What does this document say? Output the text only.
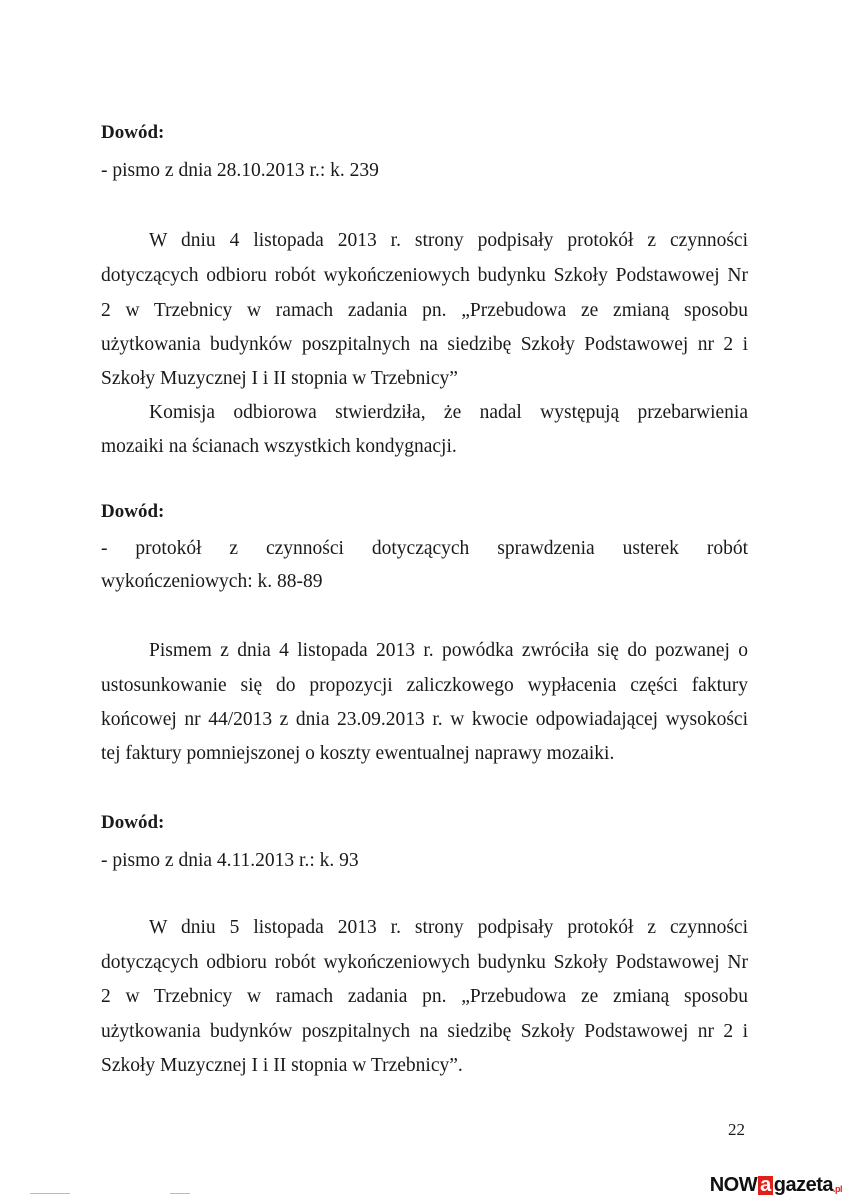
Dowód:

- pismo z dnia 28.10.2013 r.: k. 239

W dniu 4 listopada 2013 r. strony podpisały protokół z czynności

dotyczących odbioru robót wykończeniowych budynku Szkoły Podstawowej Nr

2 w Trzebnicy w ramach zadania pn. „Przebudowa ze zmianą sposobu

użytkowania budynków poszpitalnych na siedzibę Szkoły Podstawowej nr 2 i

Szkoły Muzycznej I i II stopnia w Trzebnicy”

Komisja odbiorowa stwierdziła, że nadal występują przebarwienia

mozaiki na ścianach wszystkich kondygnacji.

Dowód:

- protokół z czynności dotyczących sprawdzenia usterek robót

wykończeniowych: k. 88-89

Pismem z dnia 4 listopada 2013 r. powódka zwróciła się do pozwanej o

ustosunkowanie się do propozycji zaliczkowego wypłacenia części faktury

końcowej nr 44/2013 z dnia 23.09.2013 r. w kwocie odpowiadającej wysokości

tej faktury pomniejszonej o koszty ewentualnej naprawy mozaiki.

Dowód:

- pismo z dnia 4.11.2013 r.: k. 93

W dniu 5 listopada 2013 r. strony podpisały protokół z czynności

dotyczących odbioru robót wykończeniowych budynku Szkoły Podstawowej Nr

2 w Trzebnicy w ramach zadania pn. „Przebudowa ze zmianą sposobu

użytkowania budynków poszpitalnych na siedzibę Szkoły Podstawowej nr 2 i

Szkoły Muzycznej I i II stopnia w Trzebnicy”.

22
NOW a gazeta .pl
